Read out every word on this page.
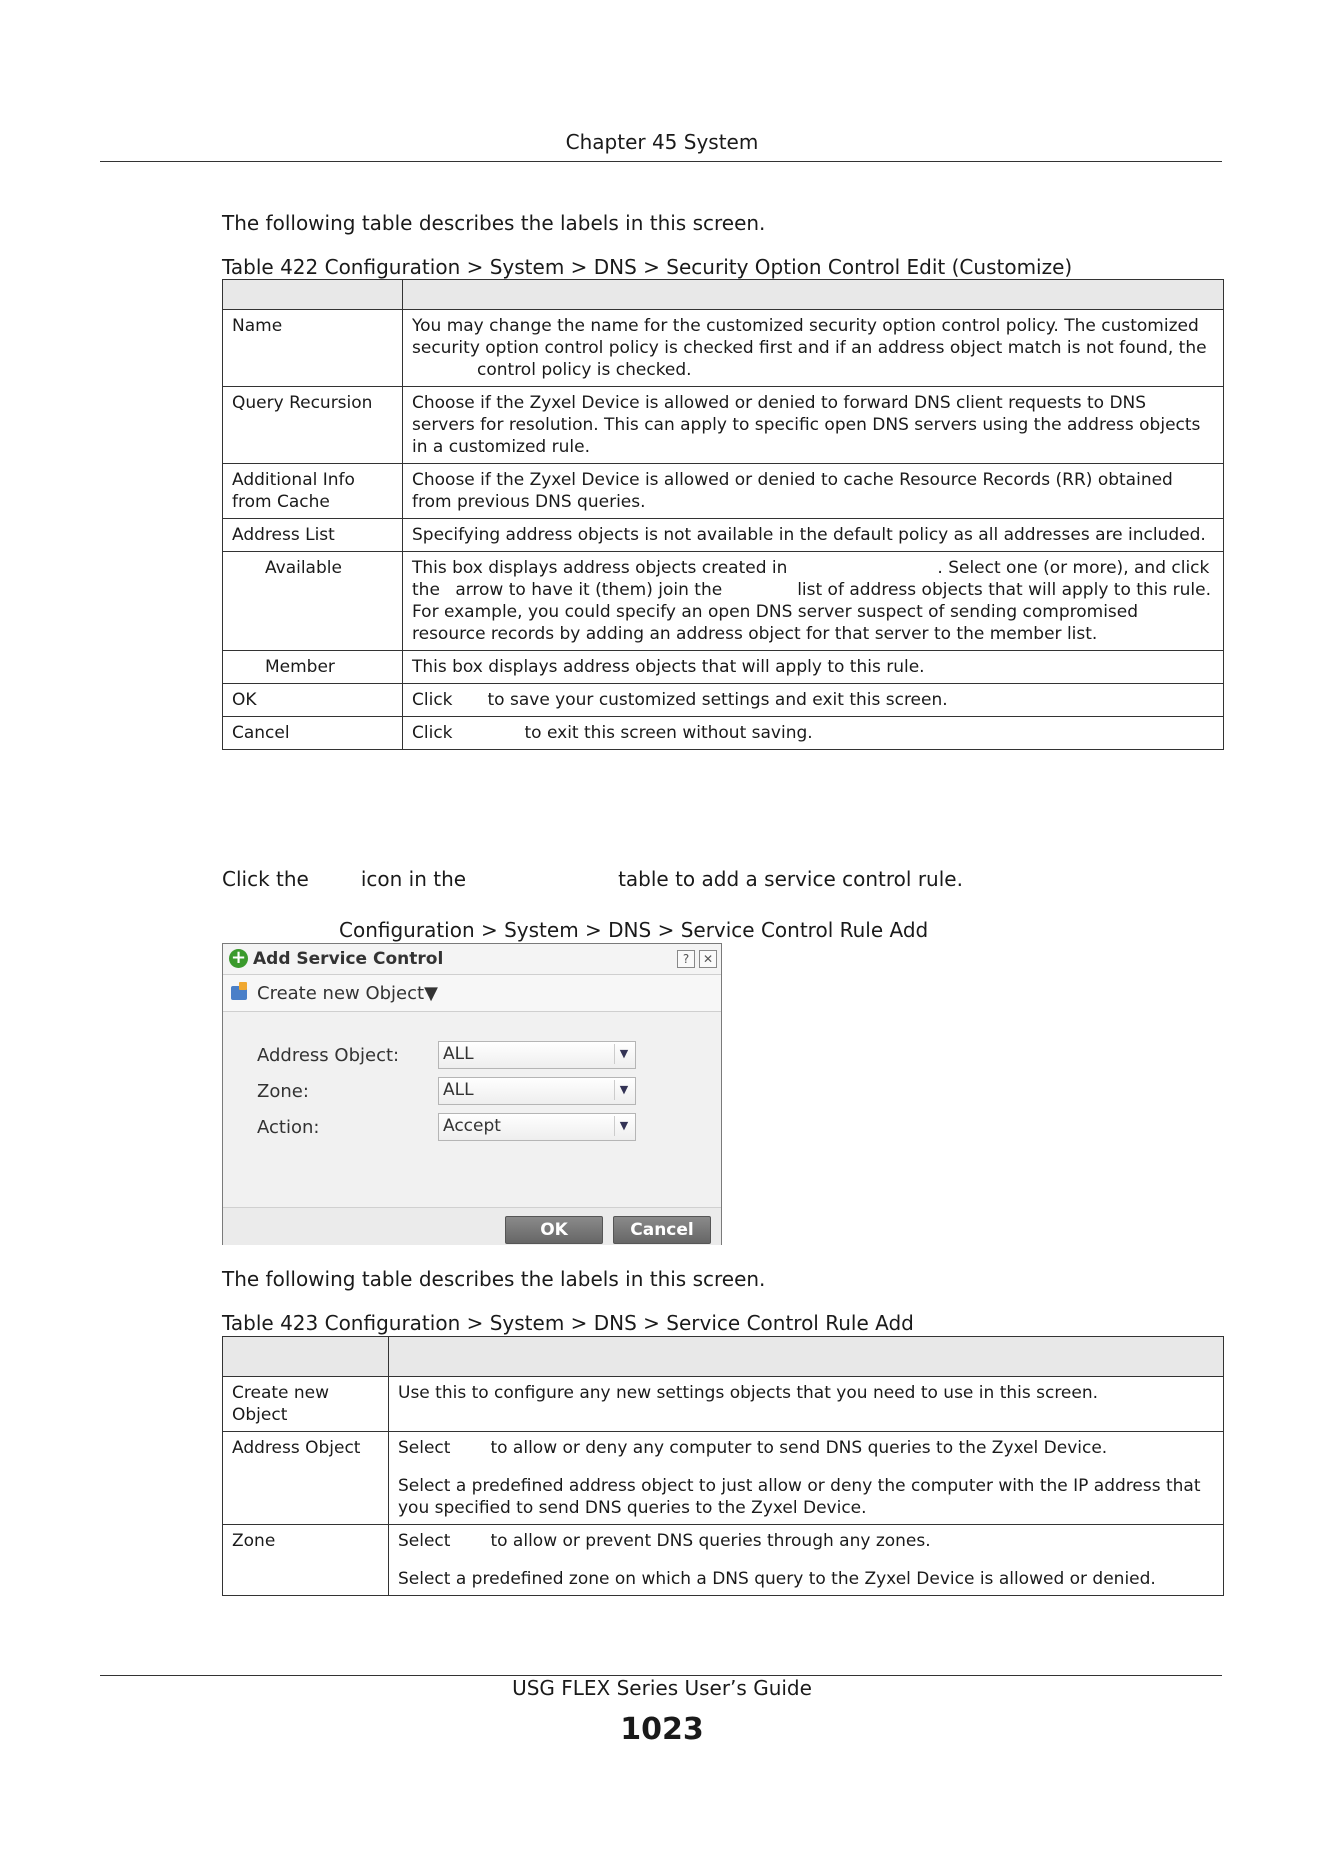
Chapter 45 System
The following table describes the labels in this screen.
Table 422 Configuration > System > DNS > Security Option Control Edit (Customize)

Name	You may change the name for the customized security option control policy. The customized security option control policy is checked first and if an address object match is not found, the
control policy is checked.
Query Recursion	Choose if the Zyxel Device is allowed or denied to forward DNS client requests to DNS servers for resolution. This can apply to specific open DNS servers using the address objects in a customized rule.
Additional Info from Cache	Choose if the Zyxel Device is allowed or denied to cache Resource Records (RR) obtained from previous DNS queries.
Address List	Specifying address objects is not available in the default policy as all addresses are included.
Available	This box displays address objects created in . Select one (or more), and click the arrow to have it (them) join the list of address objects that will apply to this rule. For example, you could specify an open DNS server suspect of sending compromised resource records by adding an address object for that server to the member list.
Member	This box displays address objects that will apply to this rule.
OK	Click to save your customized settings and exit this screen.
Cancel	Click to exit this screen without saving.
Click the	icon in the	table to add a service control rule.
Configuration > System > DNS > Service Control Rule Add
+ Add Service Control	?	✕
Create new Object▼
Address Object:	ALL	▼
Zone:	ALL	▼
Action:	Accept	▼
OK	Cancel
The following table describes the labels in this screen.
Table 423 Configuration > System > DNS > Service Control Rule Add

Create new Object	Use this to configure any new settings objects that you need to use in this screen.
Address Object	Select to allow or deny any computer to send DNS queries to the Zyxel Device.

Select a predefined address object to just allow or deny the computer with the IP address that you specified to send DNS queries to the Zyxel Device.

Zone	Select to allow or prevent DNS queries through any zones.

Select a predefined zone on which a DNS query to the Zyxel Device is allowed or denied.

USG FLEX Series User’s Guide
1023
